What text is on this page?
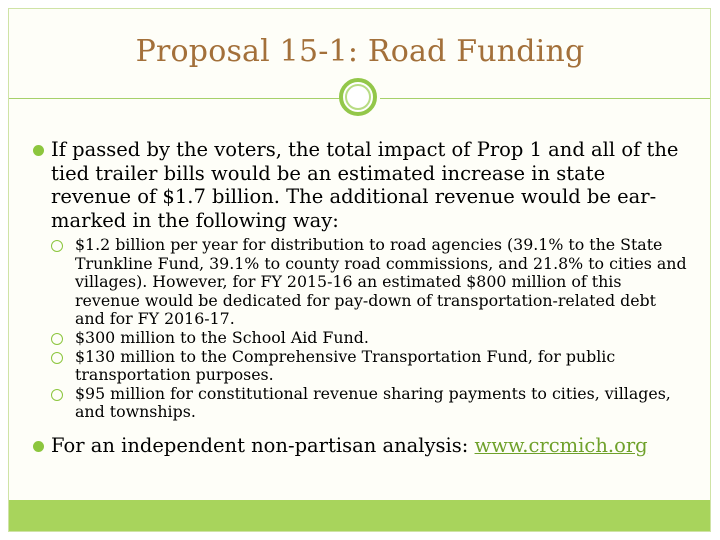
Proposal 15-1: Road Funding
If passed by the voters, the total impact of Prop 1 and all of the tied trailer bills would be an estimated increase in state revenue of $1.7 billion. The additional revenue would be ear-marked in the following way:
$1.2 billion per year for distribution to road agencies (39.1% to the State Trunkline Fund, 39.1% to county road commissions, and 21.8% to cities and villages). However, for FY 2015-16 an estimated $800 million of this revenue would be dedicated for pay-down of transportation-related debt and for FY 2016-17.
$300 million to the School Aid Fund.
$130 million to the Comprehensive Transportation Fund, for public transportation purposes.
$95 million for constitutional revenue sharing payments to cities, villages, and townships.
For an independent non-partisan analysis: www.crcmich.org
